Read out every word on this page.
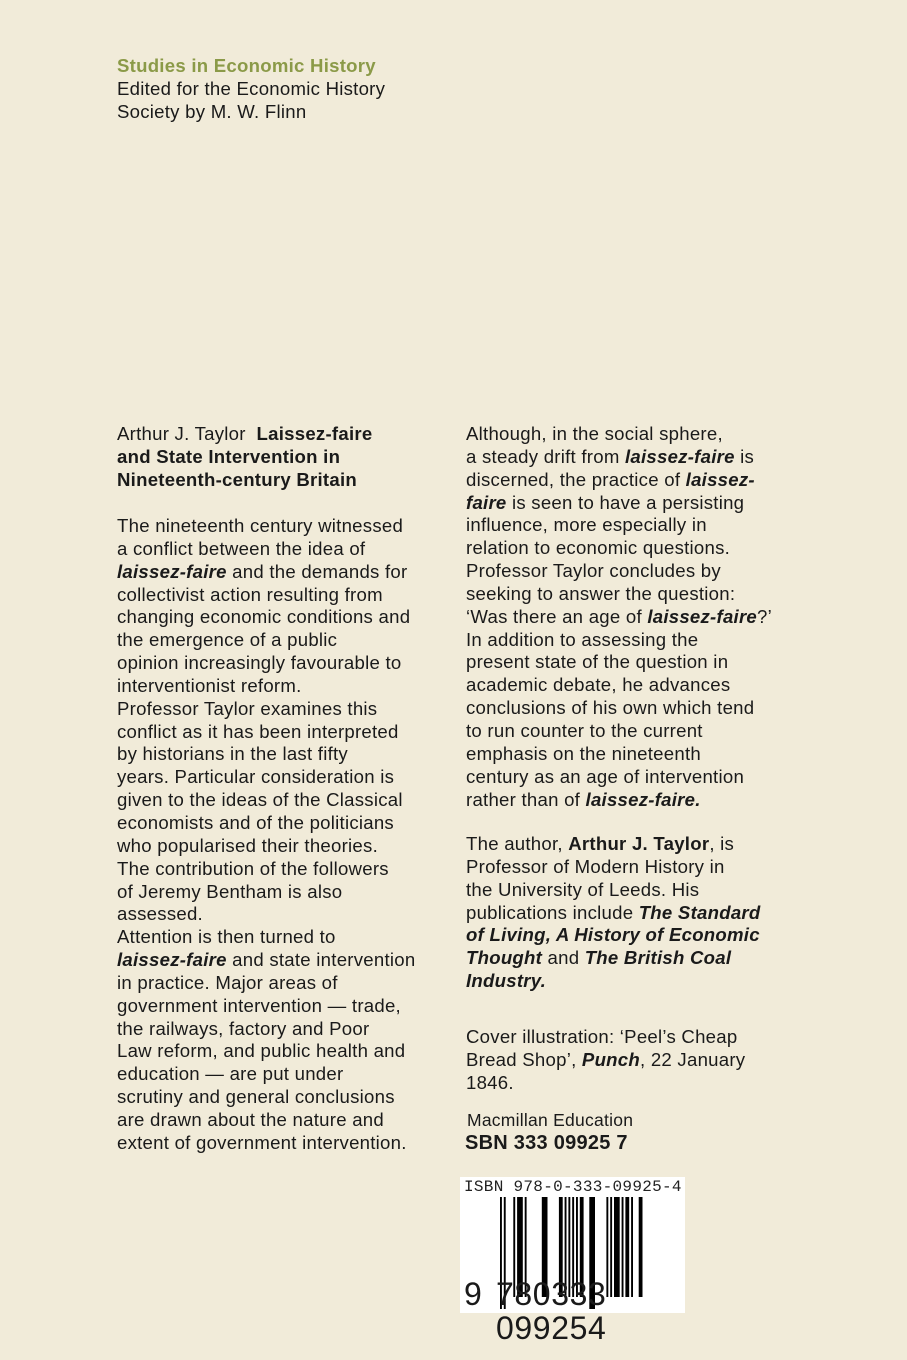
Studies in Economic History
Edited for the Economic History
Society by M. W. Flinn
Arthur J. Taylor  Laissez-faire
and State Intervention in
Nineteenth-century Britain
The nineteenth century witnessed
a conflict between the idea of
laissez-faire and the demands for
collectivist action resulting from
changing economic conditions and
the emergence of a public
opinion increasingly favourable to
interventionist reform.
Professor Taylor examines this
conflict as it has been interpreted
by historians in the last fifty
years. Particular consideration is
given to the ideas of the Classical
economists and of the politicians
who popularised their theories.
The contribution of the followers
of Jeremy Bentham is also
assessed.
Attention is then turned to
laissez-faire and state intervention
in practice. Major areas of
government intervention — trade,
the railways, factory and Poor
Law reform, and public health and
education — are put under
scrutiny and general conclusions
are drawn about the nature and
extent of government intervention.
Although, in the social sphere,
a steady drift from laissez-faire is
discerned, the practice of laissez-
faire is seen to have a persisting
influence, more especially in
relation to economic questions.
Professor Taylor concludes by
seeking to answer the question:
‘Was there an age of laissez-faire?’
In addition to assessing the
present state of the question in
academic debate, he advances
conclusions of his own which tend
to run counter to the current
emphasis on the nineteenth
century as an age of intervention
rather than of laissez-faire.
The author, Arthur J. Taylor, is
Professor of Modern History in
the University of Leeds. His
publications include The Standard
of Living, A History of Economic
Thought and The British Coal
Industry.
Cover illustration: ‘Peel’s Cheap
Bread Shop’, Punch, 22 January
1846.
Macmillan Education
SBN 333 09925 7
ISBN 978-0-333-09925-4
9 780333 099254
